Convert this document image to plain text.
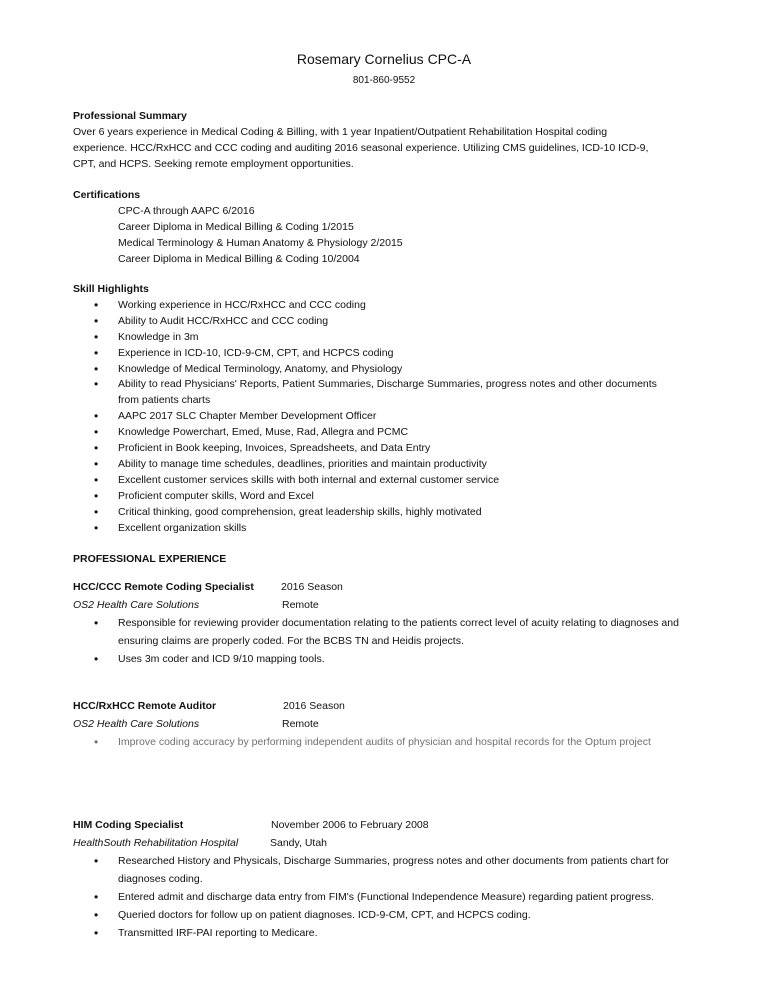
Rosemary Cornelius CPC-A
801-860-9552
Professional Summary
Over 6 years experience in Medical Coding & Billing, with 1 year Inpatient/Outpatient Rehabilitation Hospital coding
experience. HCC/RxHCC and CCC coding and auditing 2016 seasonal experience. Utilizing CMS guidelines, ICD-10 ICD-9,
CPT, and HCPS. Seeking remote employment opportunities.
Certifications
CPC-A through AAPC 6/2016
Career Diploma in Medical Billing & Coding 1/2015
Medical Terminology & Human Anatomy & Physiology 2/2015
Career Diploma in Medical Billing & Coding 10/2004
Skill Highlights
• Working experience in HCC/RxHCC and CCC coding
• Ability to Audit HCC/RxHCC and CCC coding
• Knowledge in 3m
• Experience in ICD-10, ICD-9-CM, CPT, and HCPCS coding
• Knowledge of Medical Terminology, Anatomy, and Physiology
• Ability to read Physicians' Reports, Patient Summaries, Discharge Summaries, progress notes and other documents from patients charts
• AAPC 2017 SLC Chapter Member Development Officer
• Knowledge Powerchart, Emed, Muse, Rad, Allegra and PCMC
• Proficient in Book keeping, Invoices, Spreadsheets, and Data Entry
• Ability to manage time schedules, deadlines, priorities and maintain productivity
• Excellent customer services skills with both internal and external customer service
• Proficient computer skills, Word and Excel
• Critical thinking, good comprehension, great leadership skills, highly motivated
• Excellent organization skills
PROFESSIONAL EXPERIENCE
HCC/CCC Remote Coding Specialist	2016 Season
OS2 Health Care Solutions	Remote
• Responsible for reviewing provider documentation relating to the patients correct level of acuity relating to diagnoses and ensuring claims are properly coded. For the BCBS TN and Heidis projects.
• Uses 3m coder and ICD 9/10 mapping tools.
HCC/RxHCC Remote Auditor	2016 Season
OS2 Health Care Solutions	Remote
• Improve coding accuracy by performing independent audits of physician and hospital records for the Optum project
HIM Coding Specialist	November 2006 to February 2008
HealthSouth Rehabilitation Hospital	Sandy, Utah
• Researched History and Physicals, Discharge Summaries, progress notes and other documents from patients chart for diagnoses coding.
• Entered admit and discharge data entry from FIM's (Functional Independence Measure) regarding patient progress.
• Queried doctors for follow up on patient diagnoses. ICD-9-CM, CPT, and HCPCS coding.
• Transmitted IRF-PAI reporting to Medicare.
